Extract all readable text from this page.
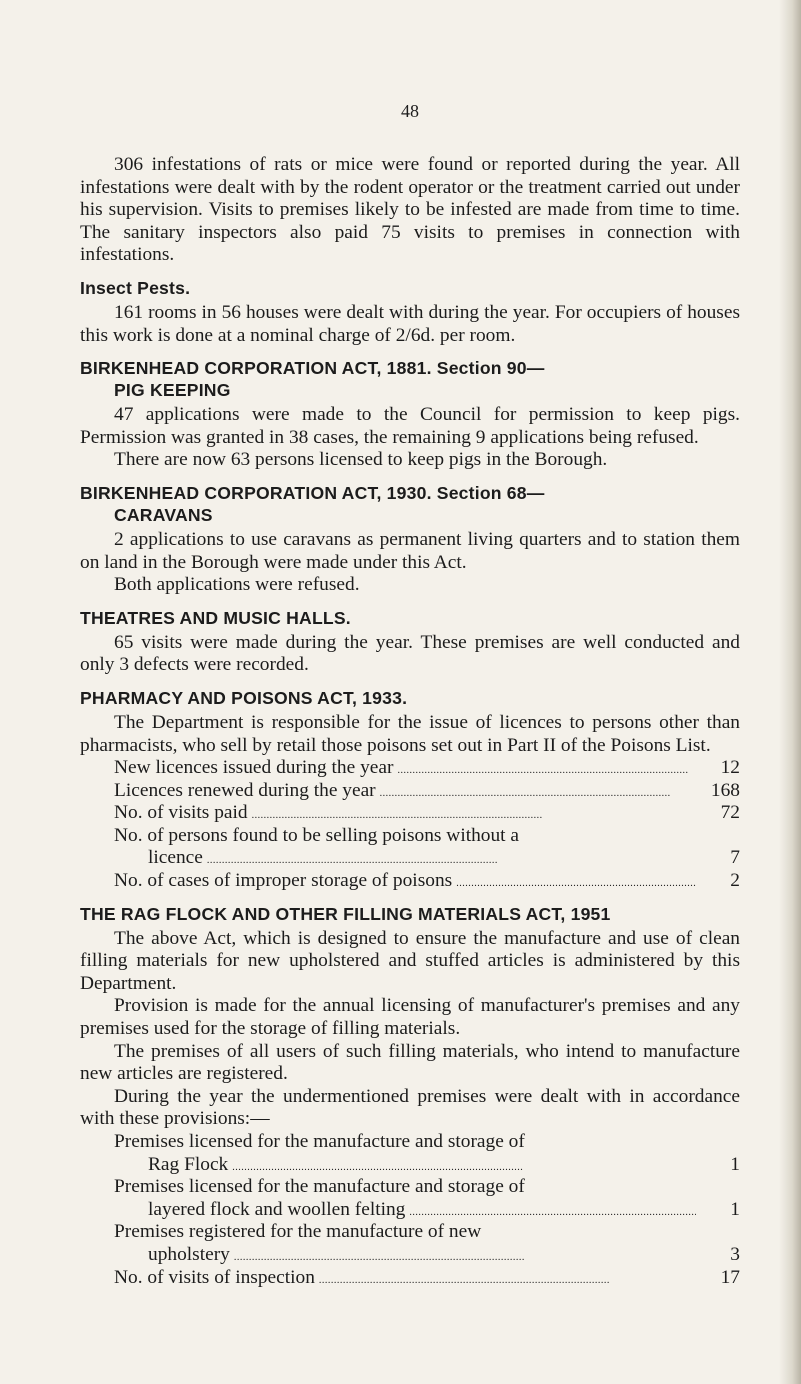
48

306 infestations of rats or mice were found or reported during the year. All infestations were dealt with by the rodent operator or the treatment carried out under his supervision. Visits to premises likely to be infested are made from time to time. The sanitary inspectors also paid 75 visits to premises in connection with infestations.

Insect Pests.

161 rooms in 56 houses were dealt with during the year. For occupiers of houses this work is done at a nominal charge of 2/6d. per room.

BIRKENHEAD CORPORATION ACT, 1881. Section 90—
PIG KEEPING

47 applications were made to the Council for permission to keep pigs. Permission was granted in 38 cases, the remaining 9 applications being refused.

There are now 63 persons licensed to keep pigs in the Borough.

BIRKENHEAD CORPORATION ACT, 1930. Section 68—
CARAVANS

2 applications to use caravans as permanent living quarters and to station them on land in the Borough were made under this Act.

Both applications were refused.

THEATRES AND MUSIC HALLS.

65 visits were made during the year. These premises are well conducted and only 3 defects were recorded.

PHARMACY AND POISONS ACT, 1933.

The Department is responsible for the issue of licences to persons other than pharmacists, who sell by retail those poisons set out in Part II of the Poisons List.

New licences issued during the year . . .	12
Licences renewed during the year . . .	168
No. of visits paid . . .	72
No. of persons found to be selling poisons without a
licence . . .	7
No. of cases of improper storage of poisons . . .	2
THE RAG FLOCK AND OTHER FILLING MATERIALS ACT, 1951

The above Act, which is designed to ensure the manufacture and use of clean filling materials for new upholstered and stuffed articles is administered by this Department.

Provision is made for the annual licensing of manufacturer's premises and any premises used for the storage of filling materials.

The premises of all users of such filling materials, who intend to manufacture new articles are registered.

During the year the undermentioned premises were dealt with in accordance with these provisions:—

Premises licensed for the manufacture and storage of
Rag Flock . . .	1
Premises licensed for the manufacture and storage of
layered flock and woollen felting . . .	1
Premises registered for the manufacture of new
upholstery . . .	3
No. of visits of inspection . . .	17
